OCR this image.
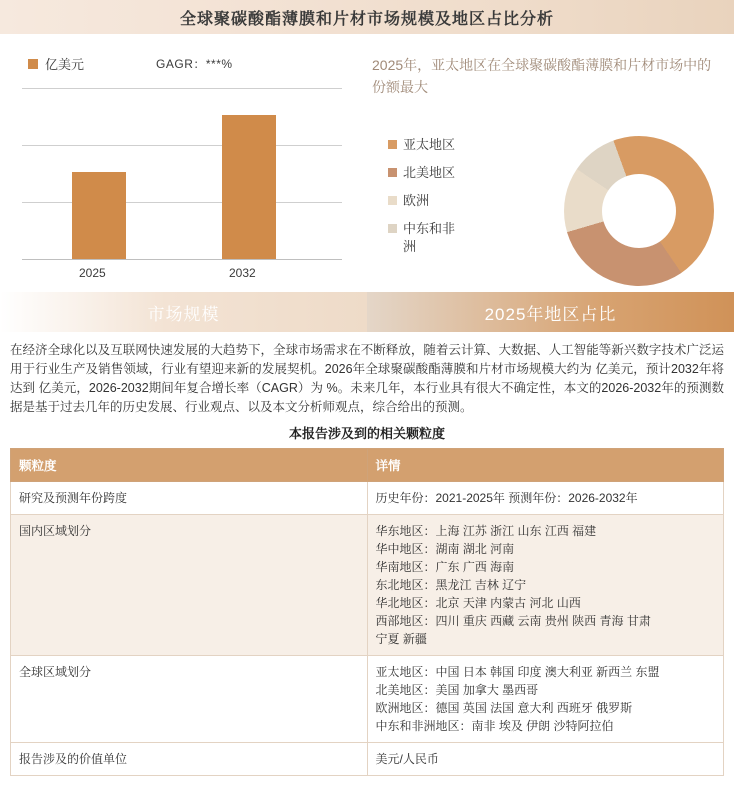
全球聚碳酸酯薄膜和片材市场规模及地区占比分析
亿美元	GAGR：***%
2025	2032
2025年，亚太地区在全球聚碳酸酯薄膜和片材市场中的份额最大
亚太地区
北美地区
欧洲
中东和非洲
市场规模	2025年地区占比
在经济全球化以及互联网快速发展的大趋势下，全球市场需求在不断释放，随着云计算、大数据、人工智能等新兴数字技术广泛运用于行业生产及销售领域，行业有望迎来新的发展契机。2026年全球聚碳酸酯薄膜和片材市场规模大约为 亿美元，预计2032年将达到 亿美元，2026-2032期间年复合增长率（CAGR）为 %。未来几年，本行业具有很大不确定性，本文的2026-2032年的预测数据是基于过去几年的历史发展、行业观点、以及本文分析师观点，综合给出的预测。
本报告涉及到的相关颗粒度
颗粒度	详情
研究及预测年份跨度	历史年份：2021-2025年 预测年份：2026-2032年

国内区域划分	华东地区：上海 江苏 浙江 山东 江西 福建
华中地区：湖南 湖北 河南
华南地区：广东 广西 海南
东北地区：黑龙江 吉林 辽宁
华北地区：北京 天津 内蒙古 河北 山西
西部地区：四川 重庆 西藏 云南 贵州 陕西 青海 甘肃
宁夏 新疆

全球区域划分	亚太地区：中国 日本 韩国 印度 澳大利亚 新西兰 东盟
北美地区：美国 加拿大 墨西哥
欧洲地区：德国 英国 法国 意大利 西班牙 俄罗斯
中东和非洲地区：南非 埃及 伊朗 沙特阿拉伯

报告涉及的价值单位	美元/人民币
